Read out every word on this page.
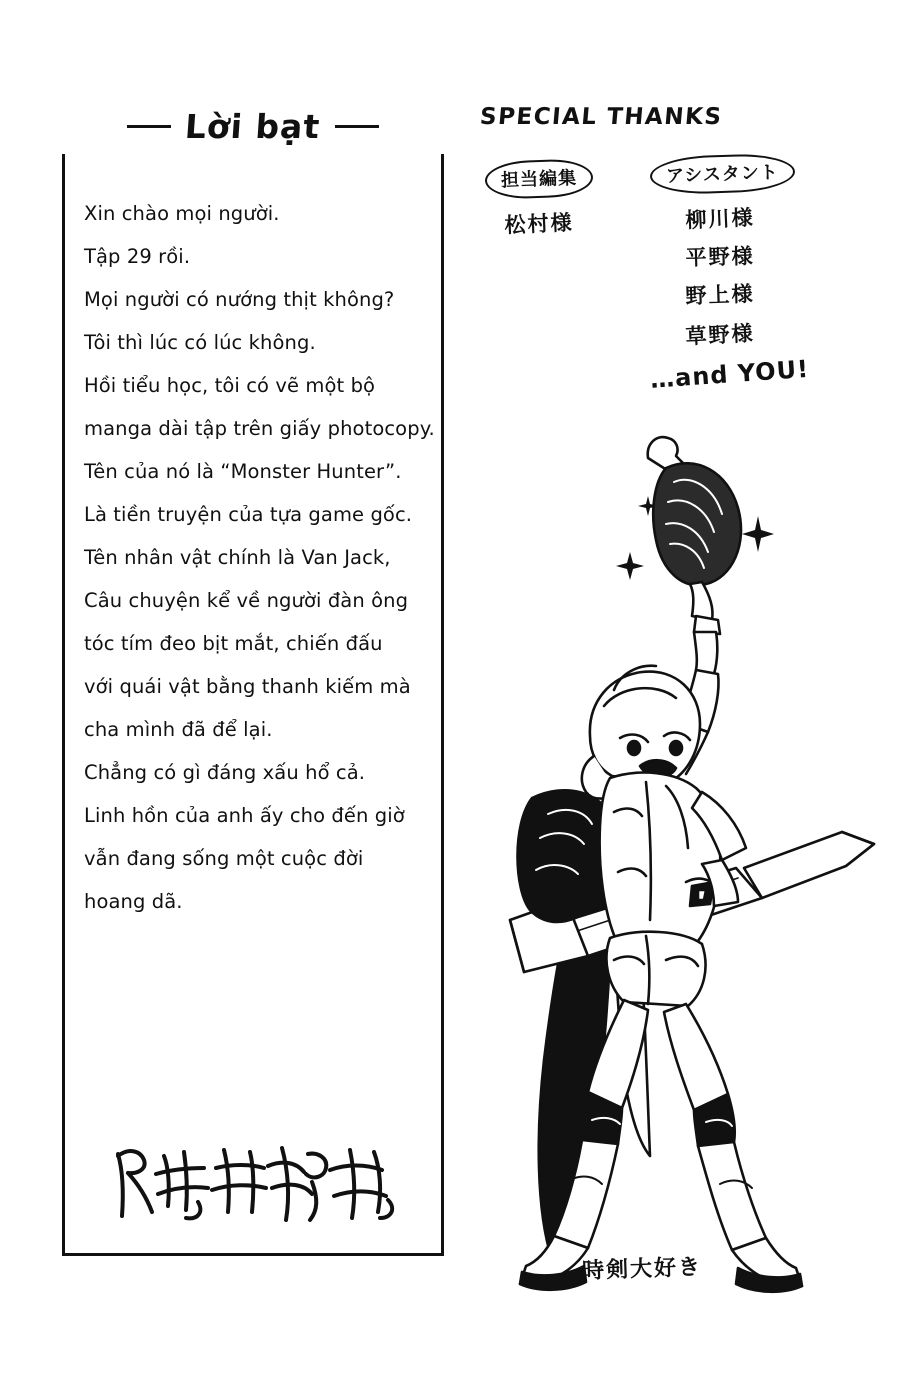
Lời bạt
Xin chào mọi người.
Tập 29 rồi.
Mọi người có nướng thịt không?
Tôi thì lúc có lúc không.
Hồi tiểu học, tôi có vẽ một bộ
manga dài tập trên giấy photocopy.
Tên của nó là “Monster Hunter”.
Là tiền truyện của tựa game gốc.
Tên nhân vật chính là Van Jack,
Câu chuyện kể về người đàn ông
tóc tím đeo bịt mắt, chiến đấu
với quái vật bằng thanh kiếm mà
cha mình đã để lại.
Chẳng có gì đáng xấu hổ cả.
Linh hồn của anh ấy cho đến giờ
vẫn đang sống một cuộc đời
hoang dã.
SPECIAL THANKS
担当編集
松村様
アシスタント
柳川様
平野様
野上様
草野様
…and YOU!
時剣大好き
